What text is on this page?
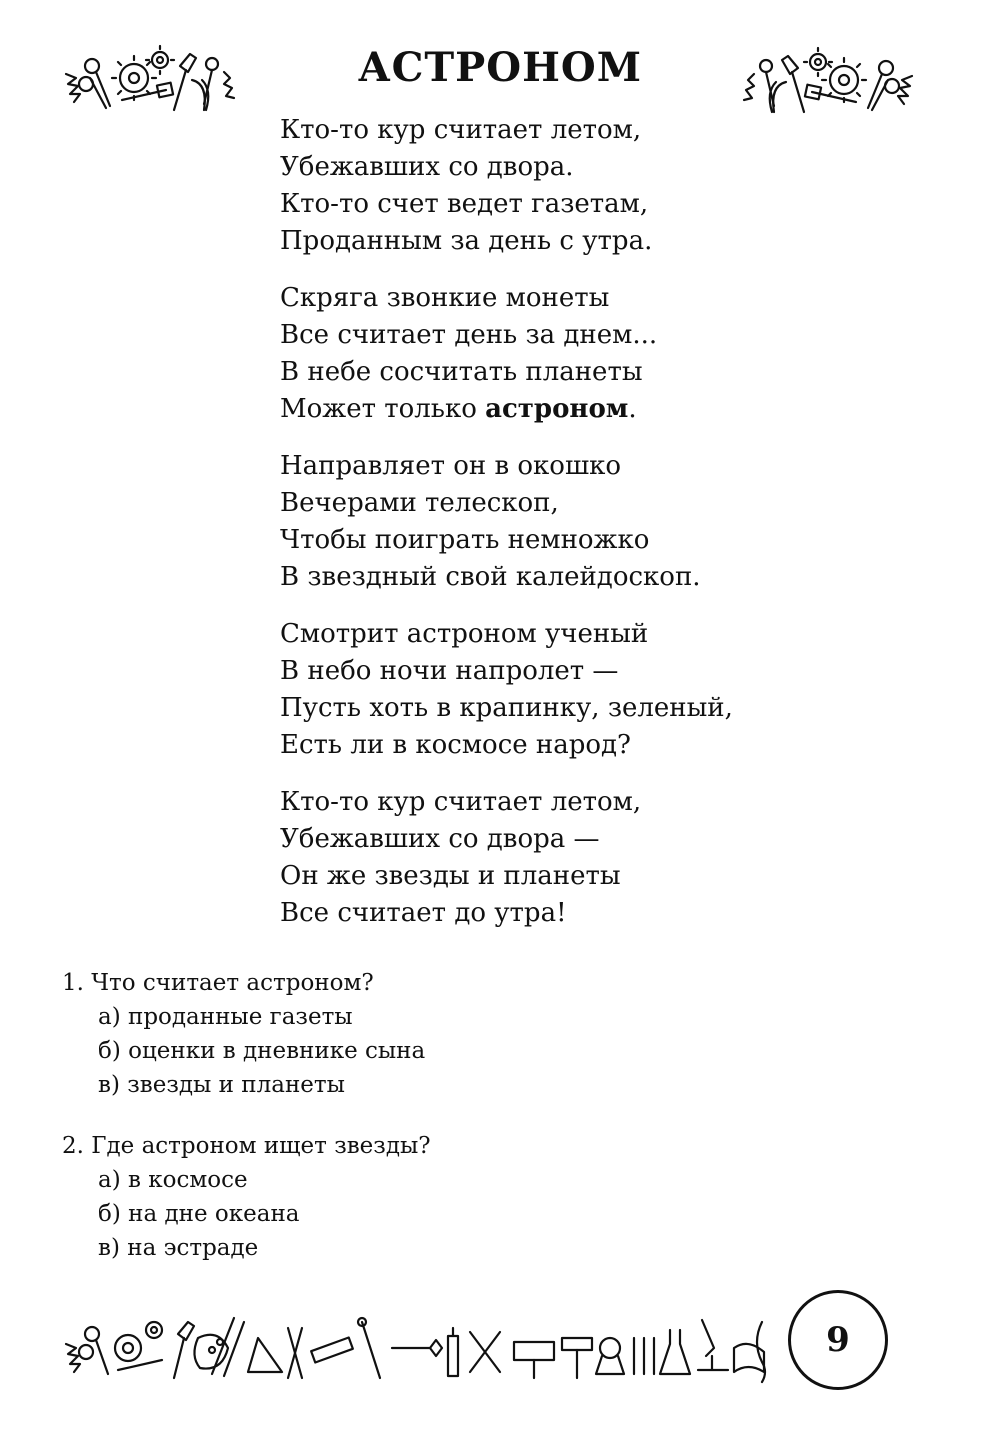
АСТРОНОМ
Кто-то кур считает летом,
Убежавших со двора.
Кто-то счет ведет газетам,
Проданным за день с утра.
Скряга звонкие монеты
Все считает день за днем...
В небе сосчитать планеты
Может только астроном.
Направляет он в окошко
Вечерами телескоп,
Чтобы поиграть немножко
В звездный свой калейдоскоп.
Смотрит астроном ученый
В небо ночи напролет —
Пусть хоть в крапинку, зеленый,
Есть ли в космосе народ?
Кто-то кур считает летом,
Убежавших со двора —
Он же звезды и планеты
Все считает до утра!
1. Что считает астроном?
а) проданные газеты
б) оценки в дневнике сына
в) звезды и планеты
2. Где астроном ищет звезды?
а) в космосе
б) на дне океана
в) на эстраде
9
